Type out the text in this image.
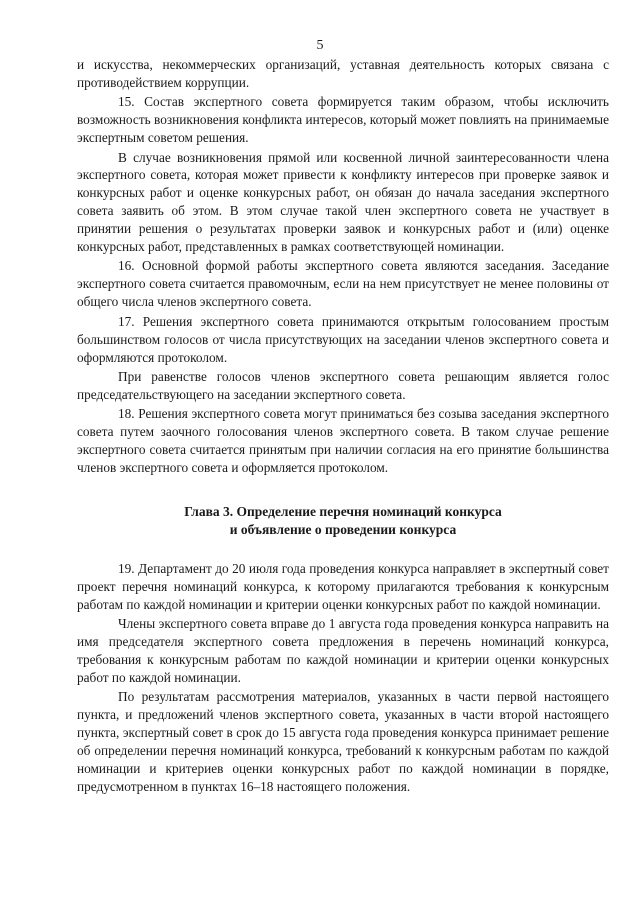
5

и искусства, некоммерческих организаций, уставная деятельность которых связана с противодействием коррупции.

15. Состав экспертного совета формируется таким образом, чтобы исключить возможность возникновения конфликта интересов, который может повлиять на принимаемые экспертным советом решения.

В случае возникновения прямой или косвенной личной заинтересованности члена экспертного совета, которая может привести к конфликту интересов при проверке заявок и конкурсных работ и оценке конкурсных работ, он обязан до начала заседания экспертного совета заявить об этом. В этом случае такой член экспертного совета не участвует в принятии решения о результатах проверки заявок и конкурсных работ и (или) оценке конкурсных работ, представленных в рамках соответствующей номинации.

16. Основной формой работы экспертного совета являются заседания. Заседание экспертного совета считается правомочным, если на нем присутствует не менее половины от общего числа членов экспертного совета.

17. Решения экспертного совета принимаются открытым голосованием простым большинством голосов от числа присутствующих на заседании членов экспертного совета и оформляются протоколом.

При равенстве голосов членов экспертного совета решающим является голос председательствующего на заседании экспертного совета.

18. Решения экспертного совета могут приниматься без созыва заседания экспертного совета путем заочного голосования членов экспертного совета. В таком случае решение экспертного совета считается принятым при наличии согласия на его принятие большинства членов экспертного совета и оформляется протоколом.

Глава 3. Определение перечня номинаций конкурса
и объявление о проведении конкурса

19. Департамент до 20 июля года проведения конкурса направляет в экспертный совет проект перечня номинаций конкурса, к которому прилагаются требования к конкурсным работам по каждой номинации и критерии оценки конкурсных работ по каждой номинации.

Члены экспертного совета вправе до 1 августа года проведения конкурса направить на имя председателя экспертного совета предложения в перечень номинаций конкурса, требования к конкурсным работам по каждой номинации и критерии оценки конкурсных работ по каждой номинации.

По результатам рассмотрения материалов, указанных в части первой настоящего пункта, и предложений членов экспертного совета, указанных в части второй настоящего пункта, экспертный совет в срок до 15 августа года проведения конкурса принимает решение об определении перечня номинаций конкурса, требований к конкурсным работам по каждой номинации и критериев оценки конкурсных работ по каждой номинации в порядке, предусмотренном в пунктах 16–18 настоящего положения.
